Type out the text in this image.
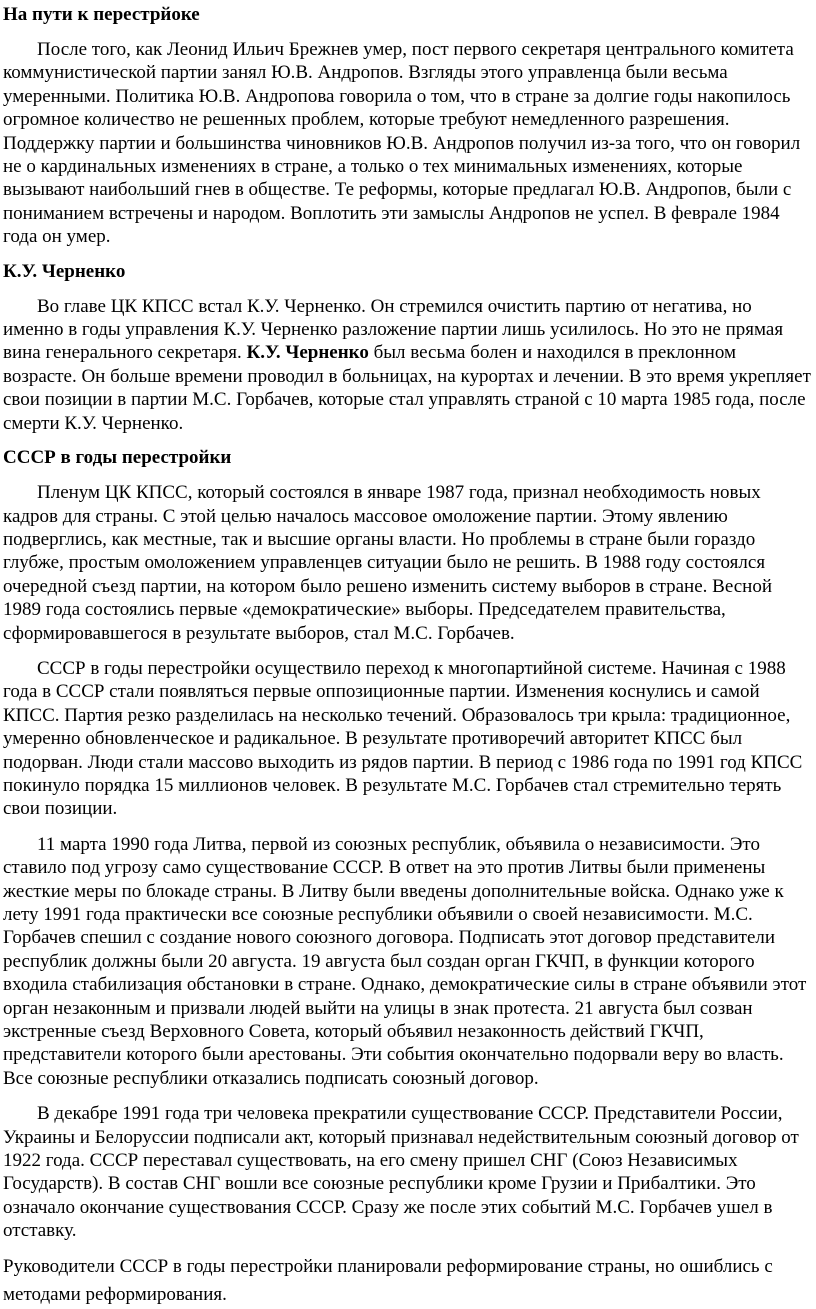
На пути к перестрйоке

После того, как Леонид Ильич Брежнев умер, пост первого секретаря центрального комитета коммунистической партии занял Ю.В. Андропов. Взгляды этого управленца были весьма умеренными. Политика Ю.В. Андропова говорила о том, что в стране за долгие годы накопилось огромное количество не решенных проблем, которые требуют немедленного разрешения. Поддержку партии и большинства чиновников Ю.В. Андропов получил из-за того, что он говорил не о кардинальных изменениях в стране, а только о тех минимальных изменениях, которые вызывают наибольший гнев в обществе. Те реформы, которые предлагал Ю.В. Андропов, были с пониманием встречены и народом. Воплотить эти замыслы Андропов не успел. В феврале 1984 года он умер.

К.У. Черненко

Во главе ЦК КПСС встал К.У. Черненко. Он стремился очистить партию от негатива, но именно в годы управления К.У. Черненко разложение партии лишь усилилось. Но это не прямая вина генерального секретаря. К.У. Черненко был весьма болен и находился в преклонном возрасте. Он больше времени проводил в больницах, на курортах и лечении. В это время укрепляет свои позиции в партии М.С. Горбачев, которые стал управлять страной с 10 марта 1985 года, после смерти К.У. Черненко.

СССР в годы перестройки

Пленум ЦК КПСС, который состоялся в январе 1987 года, признал необходимость новых кадров для страны. С этой целью началось массовое омоложение партии. Этому явлению подверглись, как местные, так и высшие органы власти. Но проблемы в стране были гораздо глубже, простым омоложением управленцев ситуации было не решить. В 1988 году состоялся очередной съезд партии, на котором было решено изменить систему выборов в стране. Весной 1989 года состоялись первые «демократические» выборы. Председателем правительства, сформировавшегося в результате выборов, стал М.С. Горбачев.

СССР в годы перестройки осуществило переход к многопартийной системе. Начиная с 1988 года в СССР стали появляться первые оппозиционные партии. Изменения коснулись и самой КПСС. Партия резко разделилась на несколько течений. Образовалось три крыла: традиционное, умеренно обновленческое и радикальное. В результате противоречий авторитет КПСС был подорван. Люди стали массово выходить из рядов партии. В период с 1986 года по 1991 год КПСС покинуло порядка 15 миллионов человек. В результате М.С. Горбачев стал стремительно терять свои позиции.

11 марта 1990 года Литва, первой из союзных республик, объявила о независимости. Это ставило под угрозу само существование СССР. В ответ на это против Литвы были применены жесткие меры по блокаде страны. В Литву были введены дополнительные войска. Однако уже к лету 1991 года практически все союзные республики объявили о своей независимости. М.С. Горбачев спешил с создание нового союзного договора. Подписать этот договор представители республик должны были 20 августа. 19 августа был создан орган ГКЧП, в функции которого входила стабилизация обстановки в стране. Однако, демократические силы в стране объявили этот орган незаконным и призвали людей выйти на улицы в знак протеста. 21 августа был созван экстренные съезд Верховного Совета, который объявил незаконность действий ГКЧП, представители которого были арестованы. Эти события окончательно подорвали веру во власть. Все союзные республики отказались подписать союзный договор.

В декабре 1991 года три человека прекратили существование СССР. Представители России, Украины и Белоруссии подписали акт, который признавал недействительным союзный договор от 1922 года. СССР переставал существовать, на его смену пришел СНГ (Союз Независимых Государств). В состав СНГ вошли все союзные республики кроме Грузии и Прибалтики. Это означало окончание существования СССР. Сразу же после этих событий М.С. Горбачев ушел в отставку.

Руководители СССР в годы перестройки планировали реформирование страны, но ошиблись с методами реформирования.
